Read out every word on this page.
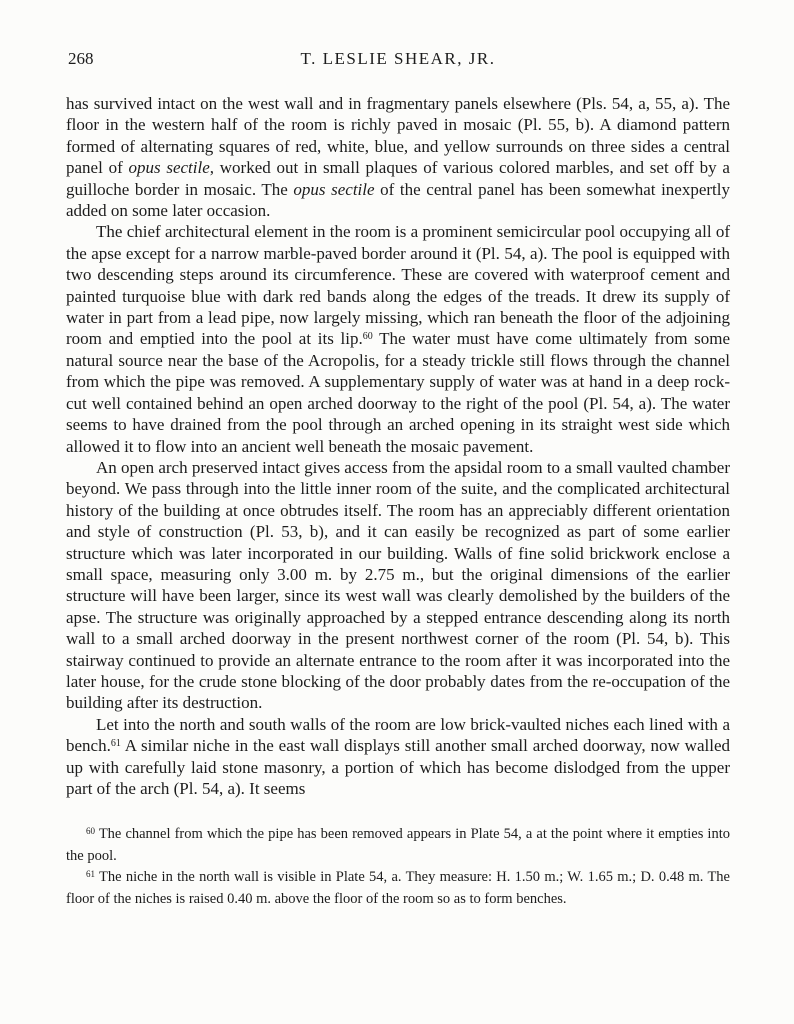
268	T. LESLIE SHEAR, JR.

has survived intact on the west wall and in fragmentary panels elsewhere (Pls. 54, a, 55, a). The floor in the western half of the room is richly paved in mosaic (Pl. 55, b). A diamond pattern formed of alternating squares of red, white, blue, and yellow surrounds on three sides a central panel of opus sectile, worked out in small plaques of various colored marbles, and set off by a guilloche border in mosaic. The opus sectile of the central panel has been somewhat inexpertly added on some later occasion.

The chief architectural element in the room is a prominent semicircular pool occupying all of the apse except for a narrow marble-paved border around it (Pl. 54, a). The pool is equipped with two descending steps around its circumference. These are covered with waterproof cement and painted turquoise blue with dark red bands along the edges of the treads. It drew its supply of water in part from a lead pipe, now largely missing, which ran beneath the floor of the adjoining room and emptied into the pool at its lip.$^{60}$ The water must have come ultimately from some natural source near the base of the Acropolis, for a steady trickle still flows through the channel from which the pipe was removed. A supplementary supply of water was at hand in a deep rock-cut well contained behind an open arched doorway to the right of the pool (Pl. 54, a). The water seems to have drained from the pool through an arched opening in its straight west side which allowed it to flow into an ancient well beneath the mosaic pavement.

An open arch preserved intact gives access from the apsidal room to a small vaulted chamber beyond. We pass through into the little inner room of the suite, and the complicated architectural history of the building at once obtrudes itself. The room has an appreciably different orientation and style of construction (Pl. 53, b), and it can easily be recognized as part of some earlier structure which was later incorporated in our building. Walls of fine solid brickwork enclose a small space, measuring only 3.00 m. by 2.75 m., but the original dimensions of the earlier structure will have been larger, since its west wall was clearly demolished by the builders of the apse. The structure was originally approached by a stepped entrance descending along its north wall to a small arched doorway in the present northwest corner of the room (Pl. 54, b). This stairway continued to provide an alternate entrance to the room after it was incorporated into the later house, for the crude stone blocking of the door probably dates from the re-occupation of the building after its destruction.

Let into the north and south walls of the room are low brick-vaulted niches each lined with a bench.$^{61}$ A similar niche in the east wall displays still another small arched doorway, now walled up with carefully laid stone masonry, a portion of which has become dislodged from the upper part of the arch (Pl. 54, a). It seems

$^{60}$ The channel from which the pipe has been removed appears in Plate 54, a at the point where it empties into the pool.

$^{61}$ The niche in the north wall is visible in Plate 54, a. They measure: H. 1.50 m.; W. 1.65 m.; D. 0.48 m. The floor of the niches is raised 0.40 m. above the floor of the room so as to form benches.
